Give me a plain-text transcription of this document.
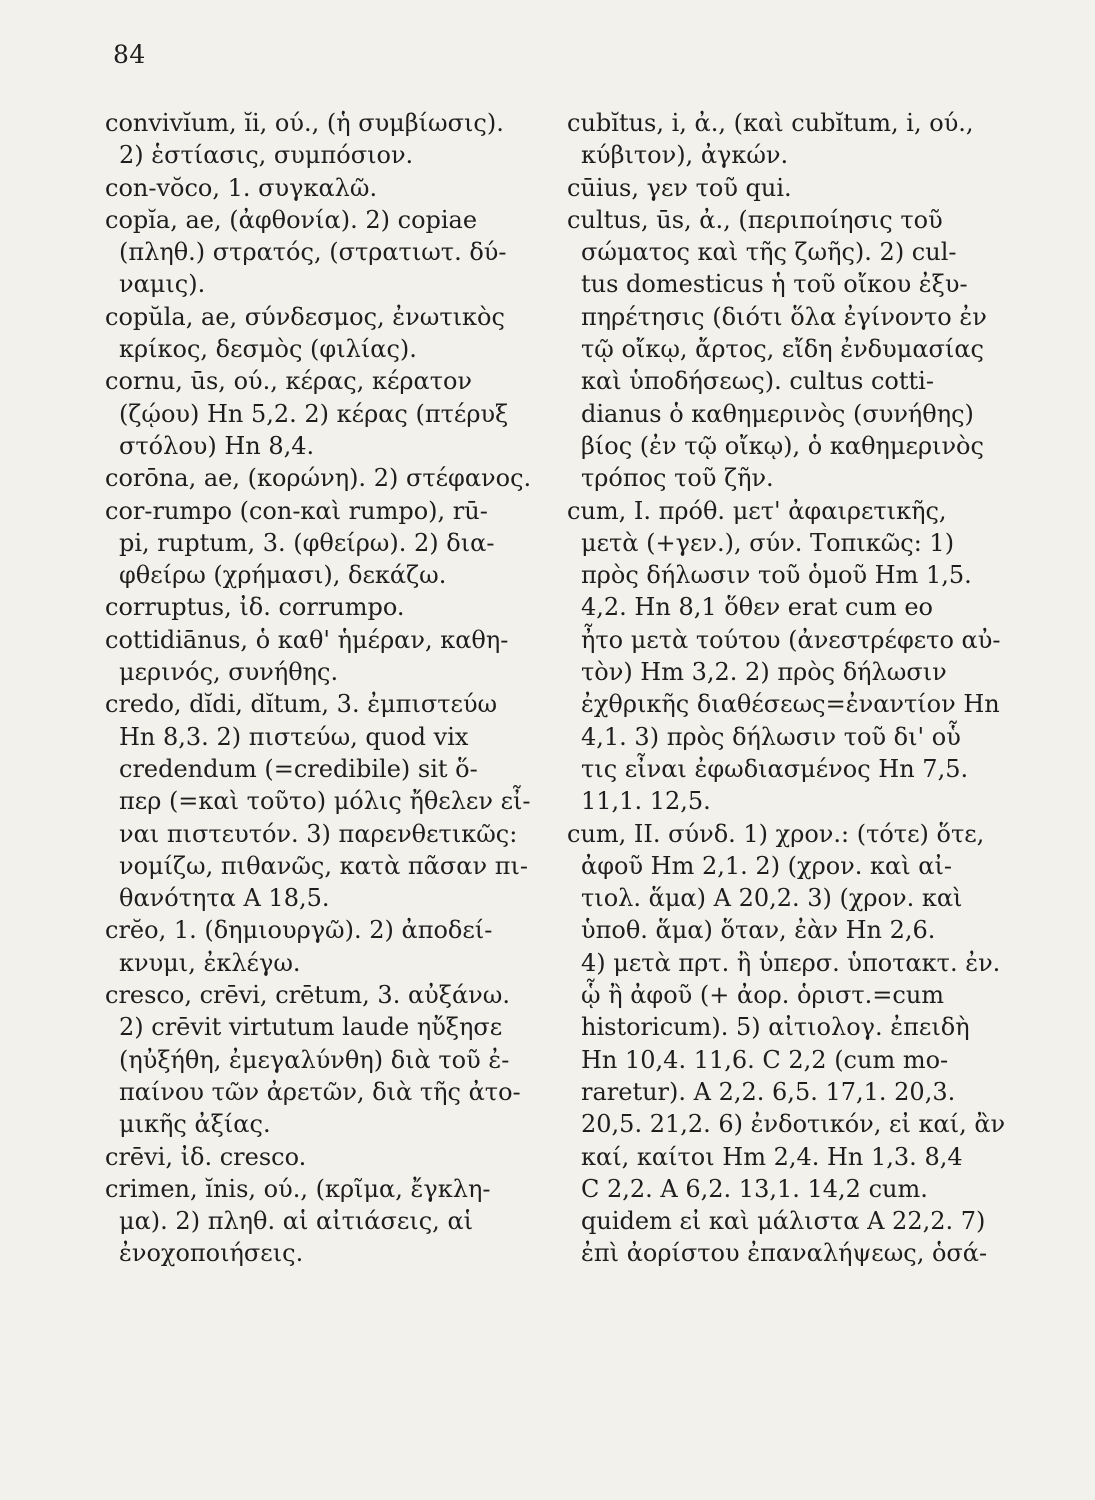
84
convivĭum, ĭi, ού., (ἡ συμβίωσις).
2) ἑστίασις, συμπόσιον.
con-vŏco, 1. συγκαλῶ.
copĭa, ae, (ἀφθονία). 2) copiae
(πληθ.) στρατός, (στρατιωτ. δύ-
ναμις).
copŭla, ae, σύνδεσμος, ἐνωτικὸς
κρίκος, δεσμὸς (φιλίας).
cornu, ūs, ού., κέρας, κέρατον
(ζῴου) Hn 5,2. 2) κέρας (πτέρυξ
στόλου) Hn 8,4.
corōna, ae, (κορώνη). 2) στέφανος.
cor-rumpo (con-καὶ rumpo), rū-
pi, ruptum, 3. (φθείρω). 2) δια-
φθείρω (χρήμασι), δεκάζω.
corruptus, ἰδ. corrumpo.
cottidiānus, ὁ καθ' ἡμέραν, καθη-
μερινός, συνήθης.
credo, dĭdi, dĭtum, 3. ἐμπιστεύω
Hn 8,3. 2) πιστεύω, quod vix
credendum (=credibile) sit ὅ-
περ (=καὶ τοῦτο) μόλις ἤθελεν εἶ-
ναι πιστευτόν. 3) παρενθετικῶς:
νομίζω, πιθανῶς, κατὰ πᾶσαν πι-
θανότητα A 18,5.
crĕo, 1. (δημιουργῶ). 2) ἀποδεί-
κνυμι, ἐκλέγω.
cresco, crēvi, crētum, 3. αὐξάνω.
2) crēvit virtutum laude ηὔξησε
(ηὐξήθη, ἐμεγαλύνθη) διὰ τοῦ ἐ-
παίνου τῶν ἀρετῶν, διὰ τῆς ἀτο-
μικῆς ἀξίας.
crēvi, ἰδ. cresco.
crimen, ĭnis, ού., (κρῖμα, ἔγκλη-
μα). 2) πληθ. αἱ αἰτιάσεις, αἱ
ἐνοχοποιήσεις.
cubĭtus, i, ἀ., (καὶ cubĭtum, i, ού.,
κύβιτον), ἀγκών.
cūius, γεν τοῦ qui.
cultus, ūs, ἀ., (περιποίησις τοῦ
σώματος καὶ τῆς ζωῆς). 2) cul-
tus domesticus ἡ τοῦ οἴκου ἐξυ-
πηρέτησις (διότι ὅλα ἐγίνοντο ἐν
τῷ οἴκῳ, ἄρτος, εἴδη ἐνδυμασίας
καὶ ὑποδήσεως). cultus cotti-
dianus ὁ καθημερινὸς (συνήθης)
βίος (ἐν τῷ οἴκῳ), ὁ καθημερινὸς
τρόπος τοῦ ζῆν.
cum, I. πρόθ. μετ' ἀφαιρετικῆς,
μετὰ (+γεν.), σύν. Τοπικῶς: 1)
πρὸς δήλωσιν τοῦ ὁμοῦ Hm 1,5.
4,2. Hn 8,1 ὅθεν erat cum eo
ἦτο μετὰ τούτου (ἀνεστρέφετο αὐ-
τὸν) Hm 3,2. 2) πρὸς δήλωσιν
ἐχθρικῆς διαθέσεως=ἐναντίον Hn
4,1. 3) πρὸς δήλωσιν τοῦ δι' οὗ
τις εἶναι ἐφωδιασμένος Hn 7,5.
11,1. 12,5.
cum, II. σύνδ. 1) χρον.: (τότε) ὅτε,
ἀφοῦ Hm 2,1. 2) (χρον. καὶ αἰ-
τιολ. ἅμα) A 20,2. 3) (χρον. καὶ
ὑποθ. ἅμα) ὅταν, ἐὰν Hn 2,6.
4) μετὰ πρτ. ἢ ὑπερσ. ὑποτακτ. ἐν.
ᾧ ἢ ἀφοῦ (+ ἀορ. ὁριστ.=cum
historicum). 5) αἰτιολογ. ἐπειδὴ
Hn 10,4. 11,6. C 2,2 (cum mo-
raretur). A 2,2. 6,5. 17,1. 20,3.
20,5. 21,2. 6) ἐνδοτικόν, εἰ καί, ἂν
καί, καίτοι Hm 2,4. Hn 1,3. 8,4
C 2,2. A 6,2. 13,1. 14,2 cum.
quidem εἰ καὶ μάλιστα A 22,2. 7)
ἐπὶ ἀορίστου ἐπαναλήψεως, ὁσά-
